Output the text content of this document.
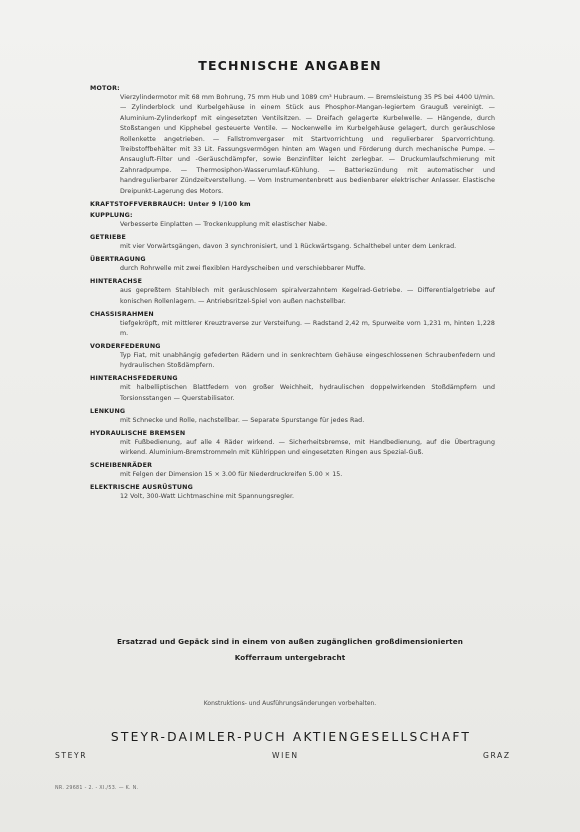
TECHNISCHE ANGABEN
MOTOR:
Vierzylindermotor mit 68 mm Bohrung, 75 mm Hub und 1089 cm³ Hubraum. — Bremsleistung 35 PS bei 4400 U/min. — Zylinderblock und Kurbelgehäuse in einem Stück aus Phosphor-Mangan-legiertem Grauguß vereinigt. — Aluminium-Zylinderkopf mit eingesetzten Ventilsitzen. — Dreifach gelagerte Kurbelwelle. — Hängende, durch Stoßstangen und Kipphebel gesteuerte Ventile. — Nockenwelle im Kurbelgehäuse gelagert, durch geräuschlose Rollenkette angetrieben. — Fallstromvergaser mit Startvorrichtung und regulierbarer Sparvorrichtung. Treibstoffbehälter mit 33 Lit. Fassungsvermögen hinten am Wagen und Förderung durch mechanische Pumpe. — Ansaugluft-Filter und -Geräuschdämpfer, sowie Benzinfilter leicht zerlegbar. — Druckumlaufschmierung mit Zahnradpumpe. — Thermosiphon-Wasserumlauf-Kühlung. — Batteriezündung mit automatischer und handregulierbarer Zündzeitverstellung. — Vom Instrumentenbrett aus bedienbarer elektrischer Anlasser. Elastische Dreipunkt-Lagerung des Motors.
KRAFTSTOFFVERBRAUCH: Unter 9 l/100 km
KUPPLUNG:
Verbesserte Einplatten — Trockenkupplung mit elastischer Nabe.
GETRIEBE
mit vier Vorwärtsgängen, davon 3 synchronisiert, und 1 Rückwärtsgang. Schalthebel unter dem Lenkrad.
ÜBERTRAGUNG
durch Rohrwelle mit zwei flexiblen Hardyscheiben und verschiebbarer Muffe.
HINTERACHSE
aus gepreßtem Stahlblech mit geräuschlosem spiralverzahntem Kegelrad-Getriebe. — Differentialgetriebe auf konischen Rollenlagern. — Antriebsritzel-Spiel von außen nachstellbar.
CHASSISRAHMEN
tiefgekröpft, mit mittlerer Kreuztraverse zur Versteifung. — Radstand 2,42 m, Spurweite vorn 1,231 m, hinten 1,228 m.
VORDERFEDERUNG
Typ Fiat, mit unabhängig gefederten Rädern und in senkrechtem Gehäuse eingeschlossenen Schraubenfedern und hydraulischen Stoßdämpfern.
HINTERACHSFEDERUNG
mit halbelliptischen Blattfedern von großer Weichheit, hydraulischen doppelwirkenden Stoßdämpfern und Torsionsstangen — Querstabilisator.
LENKUNG
mit Schnecke und Rolle, nachstellbar. — Separate Spurstange für jedes Rad.
HYDRAULISCHE BREMSEN
mit Fußbedienung, auf alle 4 Räder wirkend. — Sicherheitsbremse, mit Handbedienung, auf die Übertragung wirkend. Aluminium-Bremstrommeln mit Kühlrippen und eingesetzten Ringen aus Spezial-Guß.
SCHEIBENRÄDER
mit Felgen der Dimension 15 × 3.00 für Niederdruckreifen 5.00 × 15.
ELEKTRISCHE AUSRÜSTUNG
12 Volt, 300-Watt Lichtmaschine mit Spannungsregler.
Ersatzrad und Gepäck sind in einem von außen zugänglichen großdimensionierten Kofferraum untergebracht
Konstruktions- und Ausführungsänderungen vorbehalten.
STEYR-DAIMLER-PUCH AKTIENGESELLSCHAFT
STEYR	WIEN	GRAZ
NR. 29681 - 2. - XI./53. — K. N.
